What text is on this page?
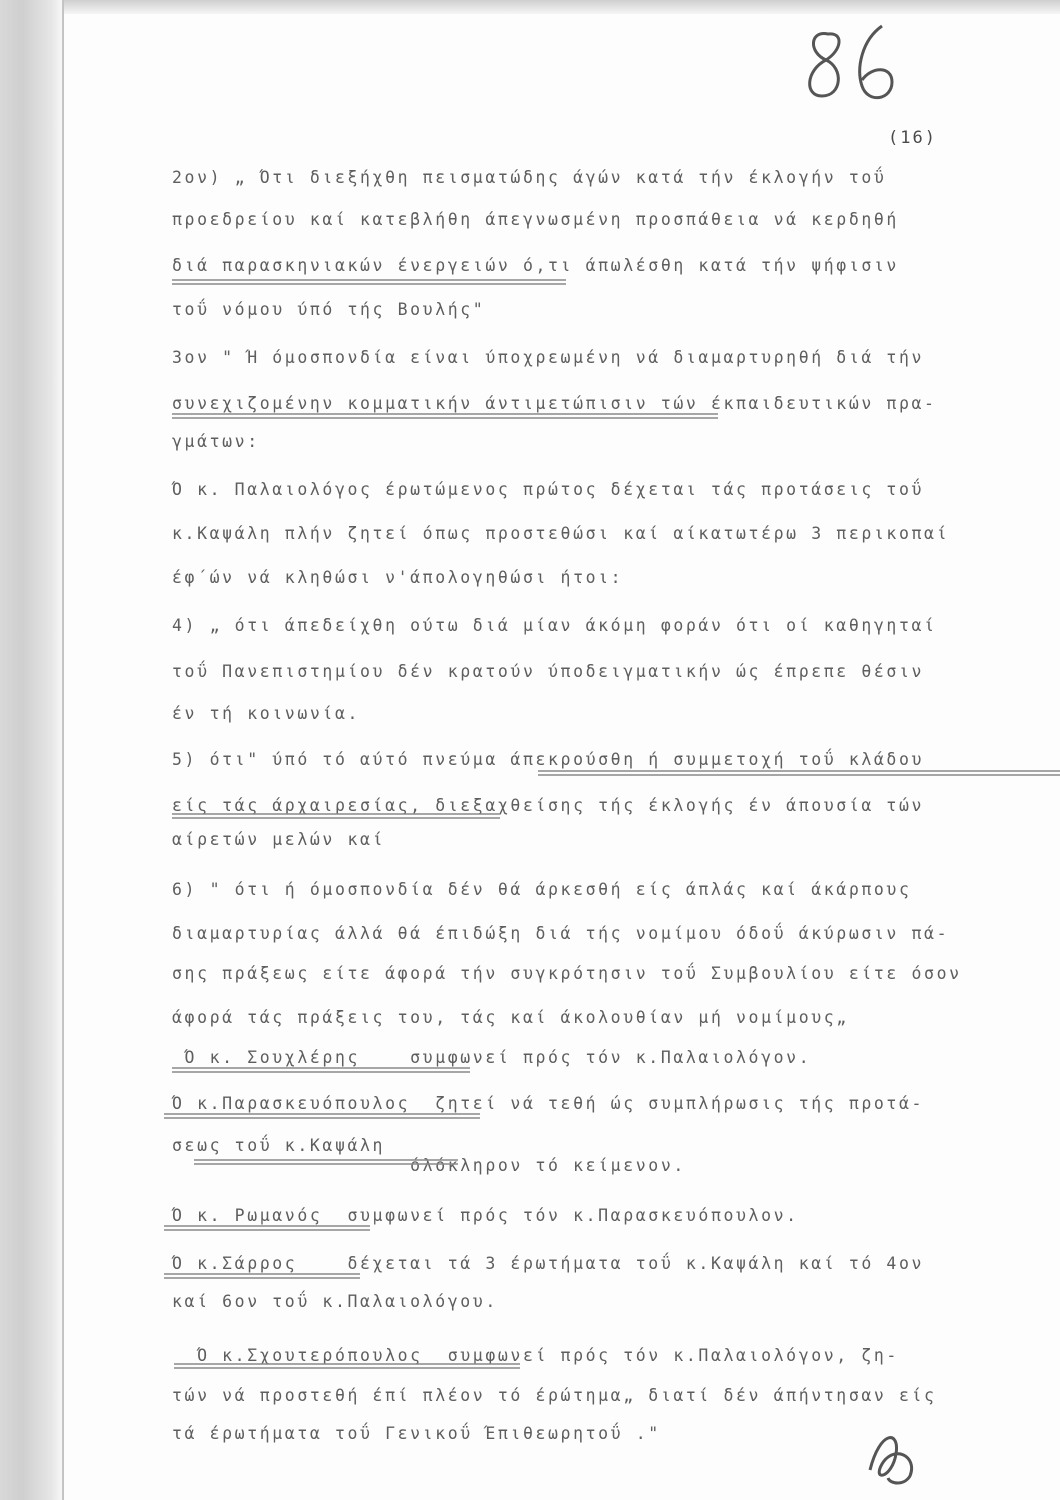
(16)
2ον) „ Ότι διεξήχθη πεισματώδης άγών κατά τήν έκλογήν τοΰ
προεδρείου καί κατεβλήθη άπεγνωσμένη προσπάθεια νά κερδηθή
διά παρασκηνιακών ένεργειών ό,τι άπωλέσθη κατά τήν ψήφισιν
τοΰ νόμου ύπό τής Βουλής"
3ον " Ή όμοσπονδία είναι ύποχρεωμένη νά διαμαρτυρηθή διά τήν
συνεχιζομένην κομματικήν άντιμετώπισιν τών έκπαιδευτικών πρα-
γμάτων:
Ό κ. Παλαιολόγος έρωτώμενος πρώτος δέχεται τάς προτάσεις τοΰ
κ.Καψάλη πλήν ζητεί όπως προστεθώσι καί αίκατωτέρω 3 περικοπαί
έφ΄ών νά κληθώσι ν'άπολογηθώσι ήτοι:
4) „ ότι άπεδείχθη ούτω διά μίαν άκόμη φοράν ότι οί καθηγηταί
τοΰ Πανεπιστημίου δέν κρατούν ύποδειγματικήν ώς έπρεπε θέσιν
έν τή κοινωνία.
5) ότι" ύπό τό αύτό πνεύμα άπεκρούσθη ή συμμετοχή τοΰ κλάδου
είς τάς άρχαιρεσίας, διεξαχθείσης τής έκλογής έν άπουσία τών
αίρετών μελών καί
6) " ότι ή όμοσπονδία δέν θά άρκεσθή είς άπλάς καί άκάρπους
διαμαρτυρίας άλλά θά έπιδώξη διά τής νομίμου όδοΰ άκύρωσιν πά-
σης πράξεως είτε άφορά τήν συγκρότησιν τοΰ Συμβουλίου είτε όσον
άφορά τάς πράξεις του, τάς καί άκολουθίαν μή νομίμους„
Ό κ. Σουχλέρης    συμφωνεί πρός τόν κ.Παλαιολόγον.
Ό κ.Παρασκευόπουλος  ζητεί νά τεθή ώς συμπλήρωσις τής προτά-
σεως τοΰ κ.Καψάλη
όλόκληρον τό κείμενον.
Ό κ. Ρωμανός  συμφωνεί πρός τόν κ.Παρασκευόπουλον.
Ό κ.Σάρρος    δέχεται τά 3 έρωτήματα τοΰ κ.Καψάλη καί τό 4ον
καί 6ον τοΰ κ.Παλαιολόγου.
Ό κ.Σχουτερόπουλος  συμφωνεί πρός τόν κ.Παλαιολόγον, ζη-
τών νά προστεθή έπί πλέον τό έρώτημα„ διατί δέν άπήντησαν είς
τά έρωτήματα τοΰ Γενικοΰ Έπιθεωρητοΰ ."
